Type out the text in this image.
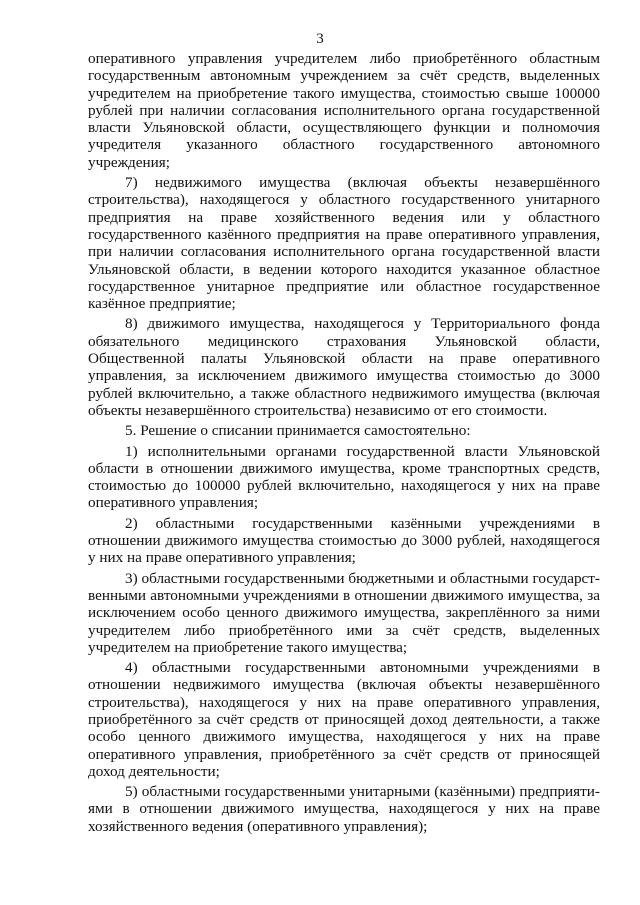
3

оперативного управления учредителем либо приобретённого областным государственным автономным учреждением за счёт средств, выделенных учредителем на приобретение такого имущества, стоимостью свыше 100000 рублей при наличии согласования исполнительного органа государственной власти Ульяновской области, осуществляющего функции и полномочия учредителя указанного областного государственного автономного учреждения;

7) недвижимого имущества (включая объекты незавершённого строительства), находящегося у областного государственного унитарного предприятия на праве хозяйственного ведения или у областного государственного казённого предприятия на праве оперативного управления, при наличии согласования исполнительного органа государственной власти Ульяновской области, в ведении которого находится указанное областное государственное унитарное предприятие или областное государственное казённое предприятие;

8) движимого имущества, находящегося у Территориального фонда обязательного медицинского страхования Ульяновской области, Общественной палаты Ульяновской области на праве оперативного управления, за исключением движимого имущества стоимостью до 3000 рублей включительно, а также областного недвижимого имущества (включая объекты незавершённого строительства) независимо от его стоимости.

5. Решение о списании принимается самостоятельно:

1) исполнительными органами государственной власти Ульяновской области в отношении движимого имущества, кроме транспортных средств, стоимостью до 100000 рублей включительно, находящегося у них на праве оперативного управления;

2) областными государственными казёнными учреждениями в отношении движимого имущества стоимостью до 3000 рублей, находящегося у них на праве оперативного управления;

3) областными государственными бюджетными и областными государст-венными автономными учреждениями в отношении движимого имущества, за исключением особо ценного движимого имущества, закреплённого за ними учредителем либо приобретённого ими за счёт средств, выделенных учредителем на приобретение такого имущества;

4) областными государственными автономными учреждениями в отношении недвижимого имущества (включая объекты незавершённого строительства), находящегося у них на праве оперативного управления, приобретённого за счёт средств от приносящей доход деятельности, а также особо ценного движимого имущества, находящегося у них на праве оперативного управления, приобретённого за счёт средств от приносящей доход деятельности;

5) областными государственными унитарными (казёнными) предприяти-ями в отношении движимого имущества, находящегося у них на праве хозяйственного ведения (оперативного управления);
